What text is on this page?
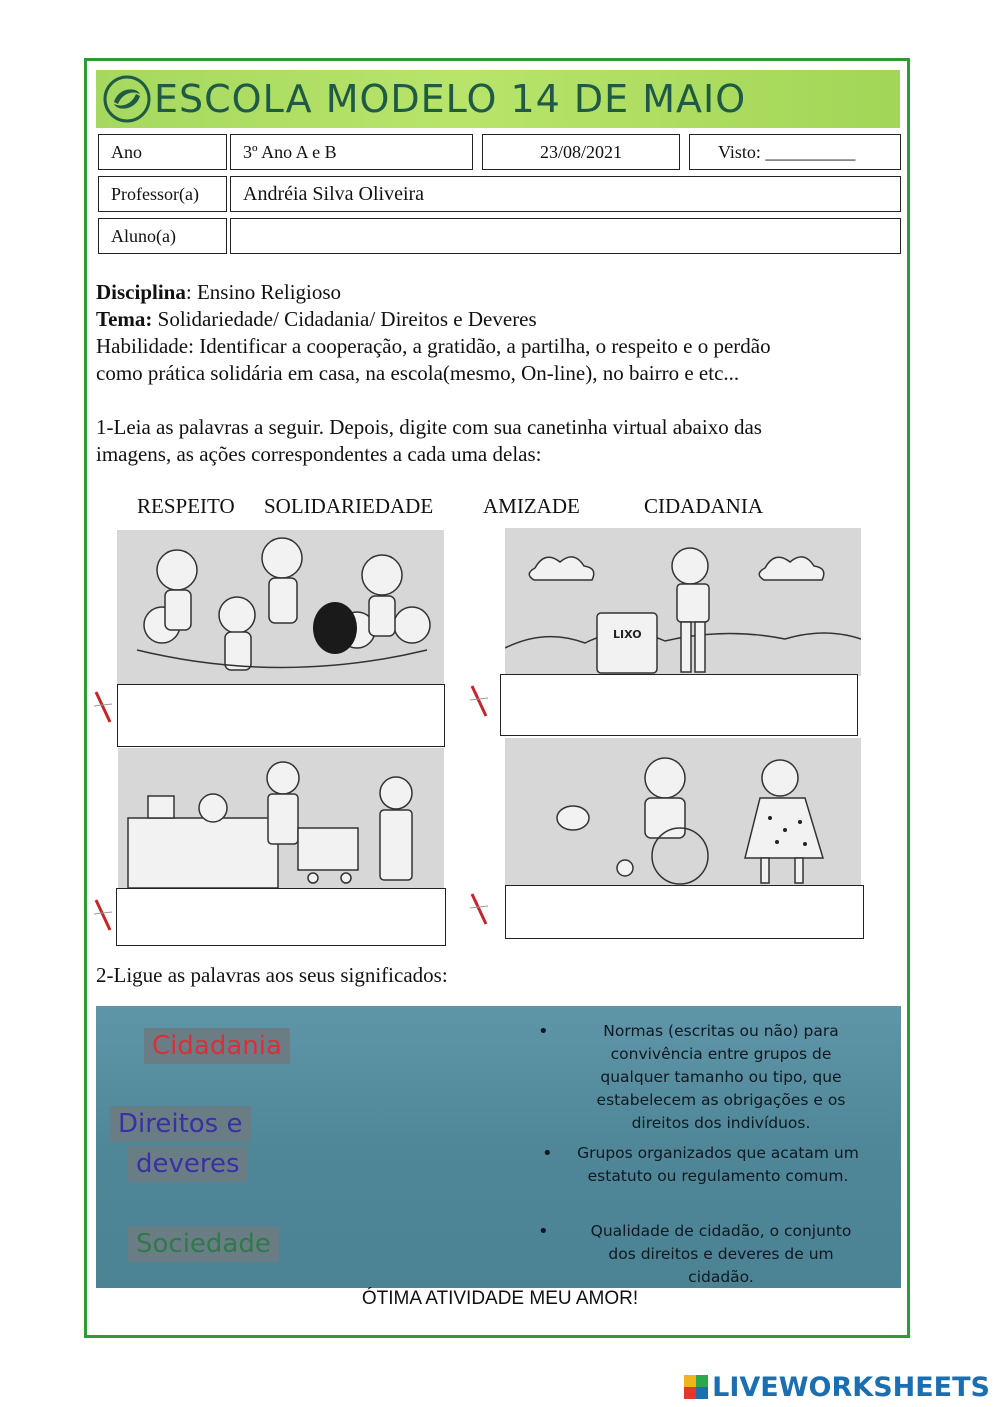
ESCOLA MODELO 14 DE MAIO
Ano	3º Ano A e B	23/08/2021	Visto: __________
Professor(a)	Andréia Silva Oliveira
Aluno(a)
Disciplina: Ensino Religioso
Tema: Solidariedade/ Cidadania/ Direitos e Deveres
Habilidade: Identificar a cooperação, a gratidão, a partilha, o respeito e o perdão
como prática solidária em casa, na escola(mesmo, On-line), no bairro e etc...
1-Leia as palavras a seguir. Depois, digite com sua canetinha virtual abaixo das
imagens, as ações correspondentes a cada uma delas:
RESPEITO SOLIDARIEDADE AMIZADE	CIDADANIA
LIXO
2-Ligue as palavras aos seus significados:
Cidadania
Direitos e
deveres
Sociedade
•	Normas (escritas ou não) para
convivência entre grupos de
qualquer tamanho ou tipo, que
estabelecem as obrigações e os
direitos dos indivíduos.
•	Grupos organizados que acatam um
estatuto ou regulamento comum.
•	Qualidade de cidadão, o conjunto
dos direitos e deveres de um
cidadão.
ÓTIMA ATIVIDADE MEU AMOR!
LIVEWORKSHEETS
